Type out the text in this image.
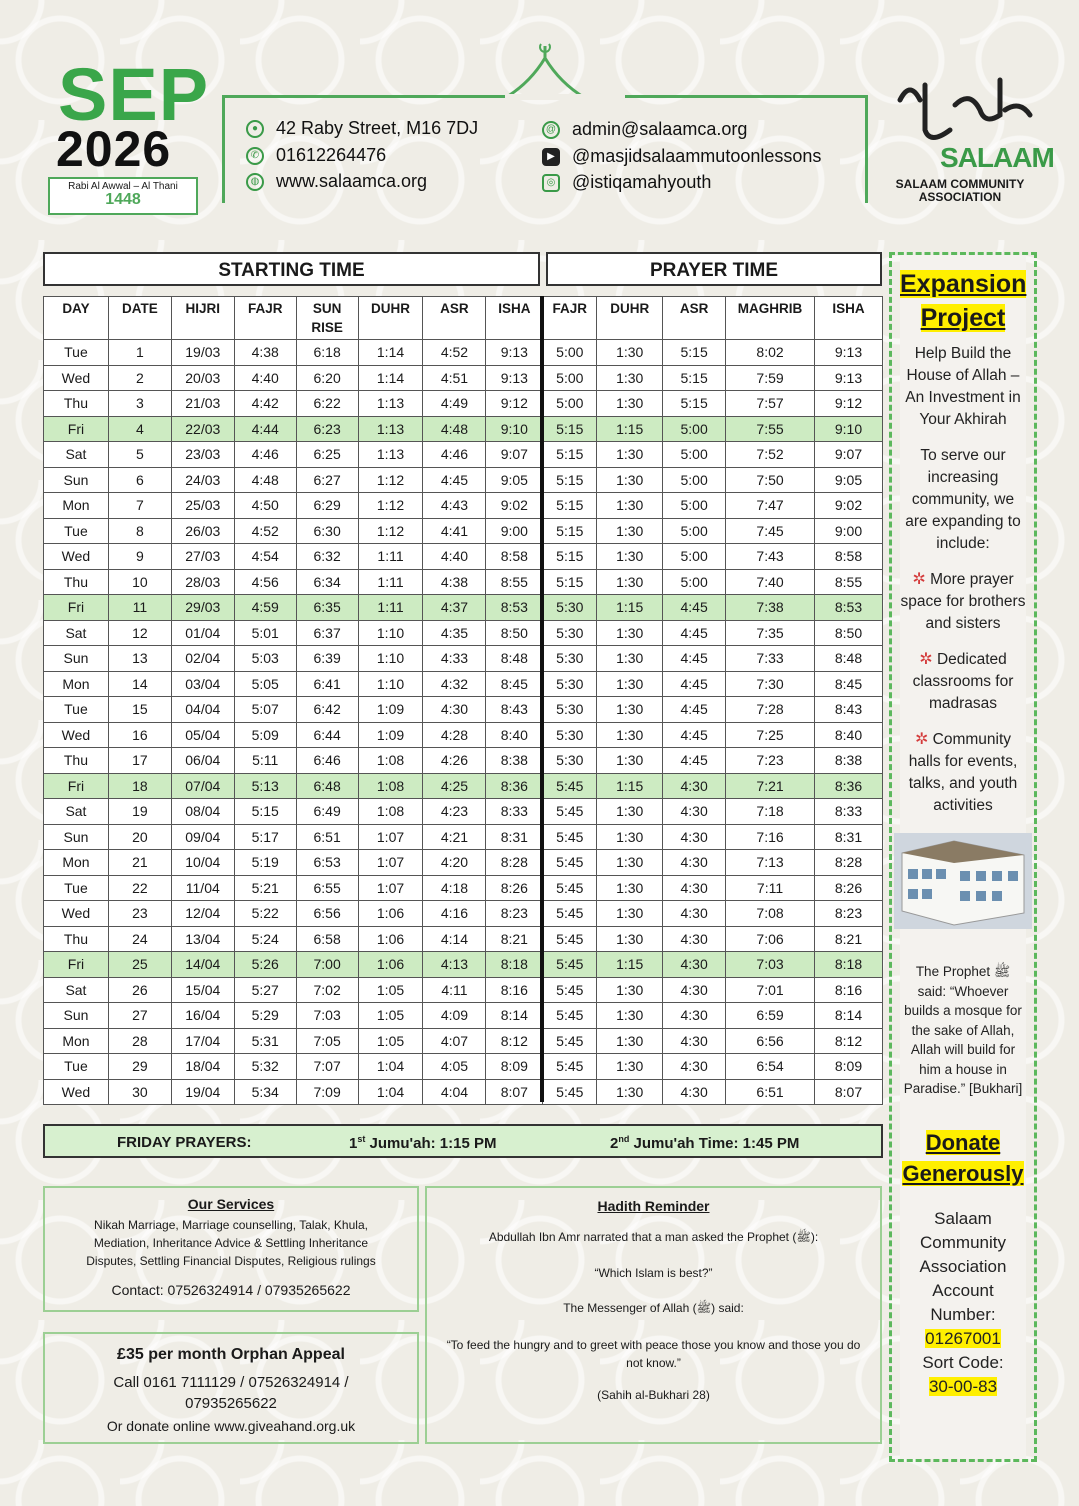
SEP
2026
Rabi Al Awwal – Al Thani
1448
● 42 Raby Street, M16 7DJ
✆ 01612264476
◍ www.salaamca.org
@ admin@salaamca.org
▶ @masjidsalaammutoonlessons
◎ @istiqamahyouth
SALAAM
SALAAM COMMUNITY
ASSOCIATION
STARTING TIME	PRAYER TIME
DAY	DATE	HIJRI	FAJR	SUN RISE	DUHR	ASR	ISHA	FAJR	DUHR	ASR	MAGHRIB	ISHA
Tue	1	19/03	4:38	6:18	1:14	4:52	9:13	5:00	1:30	5:15	8:02	9:13
Wed	2	20/03	4:40	6:20	1:14	4:51	9:13	5:00	1:30	5:15	7:59	9:13
Thu	3	21/03	4:42	6:22	1:13	4:49	9:12	5:00	1:30	5:15	7:57	9:12
Fri	4	22/03	4:44	6:23	1:13	4:48	9:10	5:15	1:15	5:00	7:55	9:10
Sat	5	23/03	4:46	6:25	1:13	4:46	9:07	5:15	1:30	5:00	7:52	9:07
Sun	6	24/03	4:48	6:27	1:12	4:45	9:05	5:15	1:30	5:00	7:50	9:05
Mon	7	25/03	4:50	6:29	1:12	4:43	9:02	5:15	1:30	5:00	7:47	9:02
Tue	8	26/03	4:52	6:30	1:12	4:41	9:00	5:15	1:30	5:00	7:45	9:00
Wed	9	27/03	4:54	6:32	1:11	4:40	8:58	5:15	1:30	5:00	7:43	8:58
Thu	10	28/03	4:56	6:34	1:11	4:38	8:55	5:15	1:30	5:00	7:40	8:55
Fri	11	29/03	4:59	6:35	1:11	4:37	8:53	5:30	1:15	4:45	7:38	8:53
Sat	12	01/04	5:01	6:37	1:10	4:35	8:50	5:30	1:30	4:45	7:35	8:50
Sun	13	02/04	5:03	6:39	1:10	4:33	8:48	5:30	1:30	4:45	7:33	8:48
Mon	14	03/04	5:05	6:41	1:10	4:32	8:45	5:30	1:30	4:45	7:30	8:45
Tue	15	04/04	5:07	6:42	1:09	4:30	8:43	5:30	1:30	4:45	7:28	8:43
Wed	16	05/04	5:09	6:44	1:09	4:28	8:40	5:30	1:30	4:45	7:25	8:40
Thu	17	06/04	5:11	6:46	1:08	4:26	8:38	5:30	1:30	4:45	7:23	8:38
Fri	18	07/04	5:13	6:48	1:08	4:25	8:36	5:45	1:15	4:30	7:21	8:36
Sat	19	08/04	5:15	6:49	1:08	4:23	8:33	5:45	1:30	4:30	7:18	8:33
Sun	20	09/04	5:17	6:51	1:07	4:21	8:31	5:45	1:30	4:30	7:16	8:31
Mon	21	10/04	5:19	6:53	1:07	4:20	8:28	5:45	1:30	4:30	7:13	8:28
Tue	22	11/04	5:21	6:55	1:07	4:18	8:26	5:45	1:30	4:30	7:11	8:26
Wed	23	12/04	5:22	6:56	1:06	4:16	8:23	5:45	1:30	4:30	7:08	8:23
Thu	24	13/04	5:24	6:58	1:06	4:14	8:21	5:45	1:30	4:30	7:06	8:21
Fri	25	14/04	5:26	7:00	1:06	4:13	8:18	5:45	1:15	4:30	7:03	8:18
Sat	26	15/04	5:27	7:02	1:05	4:11	8:16	5:45	1:30	4:30	7:01	8:16
Sun	27	16/04	5:29	7:03	1:05	4:09	8:14	5:45	1:30	4:30	6:59	8:14
Mon	28	17/04	5:31	7:05	1:05	4:07	8:12	5:45	1:30	4:30	6:56	8:12
Tue	29	18/04	5:32	7:07	1:04	4:05	8:09	5:45	1:30	4:30	6:54	8:09
Wed	30	19/04	5:34	7:09	1:04	4:04	8:07	5:45	1:30	4:30	6:51	8:07
FRIDAY PRAYERS:	1st Jumu'ah: 1:15 PM	2nd Jumu'ah Time: 1:45 PM
Expansion
Project

Help Build the House of Allah – An Investment in Your Akhirah

To serve our increasing community, we are expanding to include:

✲ More prayer space for brothers and sisters

✲ Dedicated classrooms for madrasas

✲ Community halls for events, talks, and youth activities

The Prophet ﷺ said: “Whoever builds a mosque for the sake of Allah, Allah will build for him a house in Paradise.” [Bukhari]

Donate
Generously

Salaam Community Association Account Number:

01267001

Sort Code:

30-00-83

Our Services
Nikah Marriage, Marriage counselling, Talak, Khula, Mediation, Inheritance Advice & Settling Inheritance Disputes, Settling Financial Disputes, Religious rulings
Contact: 07526324914 / 07935265622
£35 per month Orphan Appeal
Call 0161 7111129 / 07526324914 / 07935265622
Or donate online www.giveahand.org.uk
Hadith Reminder
Abdullah Ibn Amr narrated that a man asked the Prophet (ﷺ):
“Which Islam is best?”
The Messenger of Allah (ﷺ) said:
“To feed the hungry and to greet with peace those you know and those you do not know.”
(Sahih al-Bukhari 28)
